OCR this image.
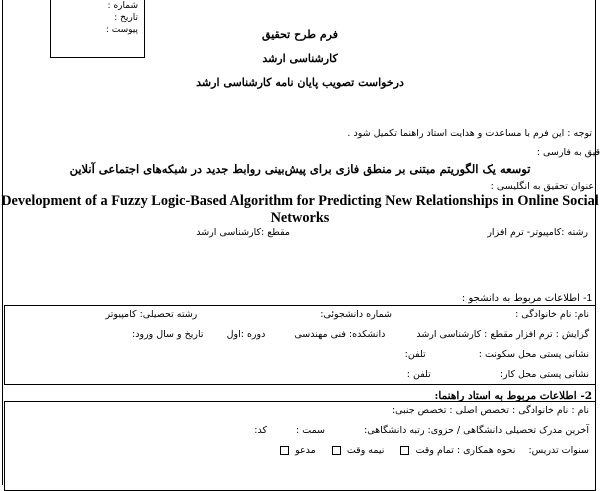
شماره :
تاریخ :
پیوست :	فرم طرح تحقیق
کارشناسی ارشد
درخواست تصویب پایان نامه کارشناسی ارشد
توجه : این فرم با مساعدت و هدایت استاد راهنما تکمیل شود .
قیق به فارسی :
توسعه یک الگوریتم مبتنی بر منطق فازی برای پیش‌بینی روابط جدید در شبکه‌های اجتماعی آنلاین
عنوان تحقیق به انگلیسی :
Development of a Fuzzy Logic-Based Algorithm for Predicting New Relationships in Online Social Networks
رشته :کامپیوتر- ترم افزار
مقطع :کارشناسی ارشد
1- اطلاعات مربوط به دانشجو :
نام: نام خانوادگی : شماره دانشجوئی: رشته تحصیلی: کامپیوتر
گرایش : ترم افزار مقطع : کارشناسی ارشد دانشکده: فنی مهندسی دوره :اول تاریخ و سال ورود:
نشانی پستی محل سکونت : تلفن:
نشانی پستی محل کار: تلفن :
2- اطلاعات مربوط به استاد راهنما:
نام : نام خانوادگی : تخصص اصلی : تخصص جنبی:
آخرین مدرک تحصیلی دانشگاهی / حزوی: رتبه دانشگاهی: سمت : کد:
سنوات تدریس: نحوه همکاری : تمام وقت  نیمه وقت  مدعو
